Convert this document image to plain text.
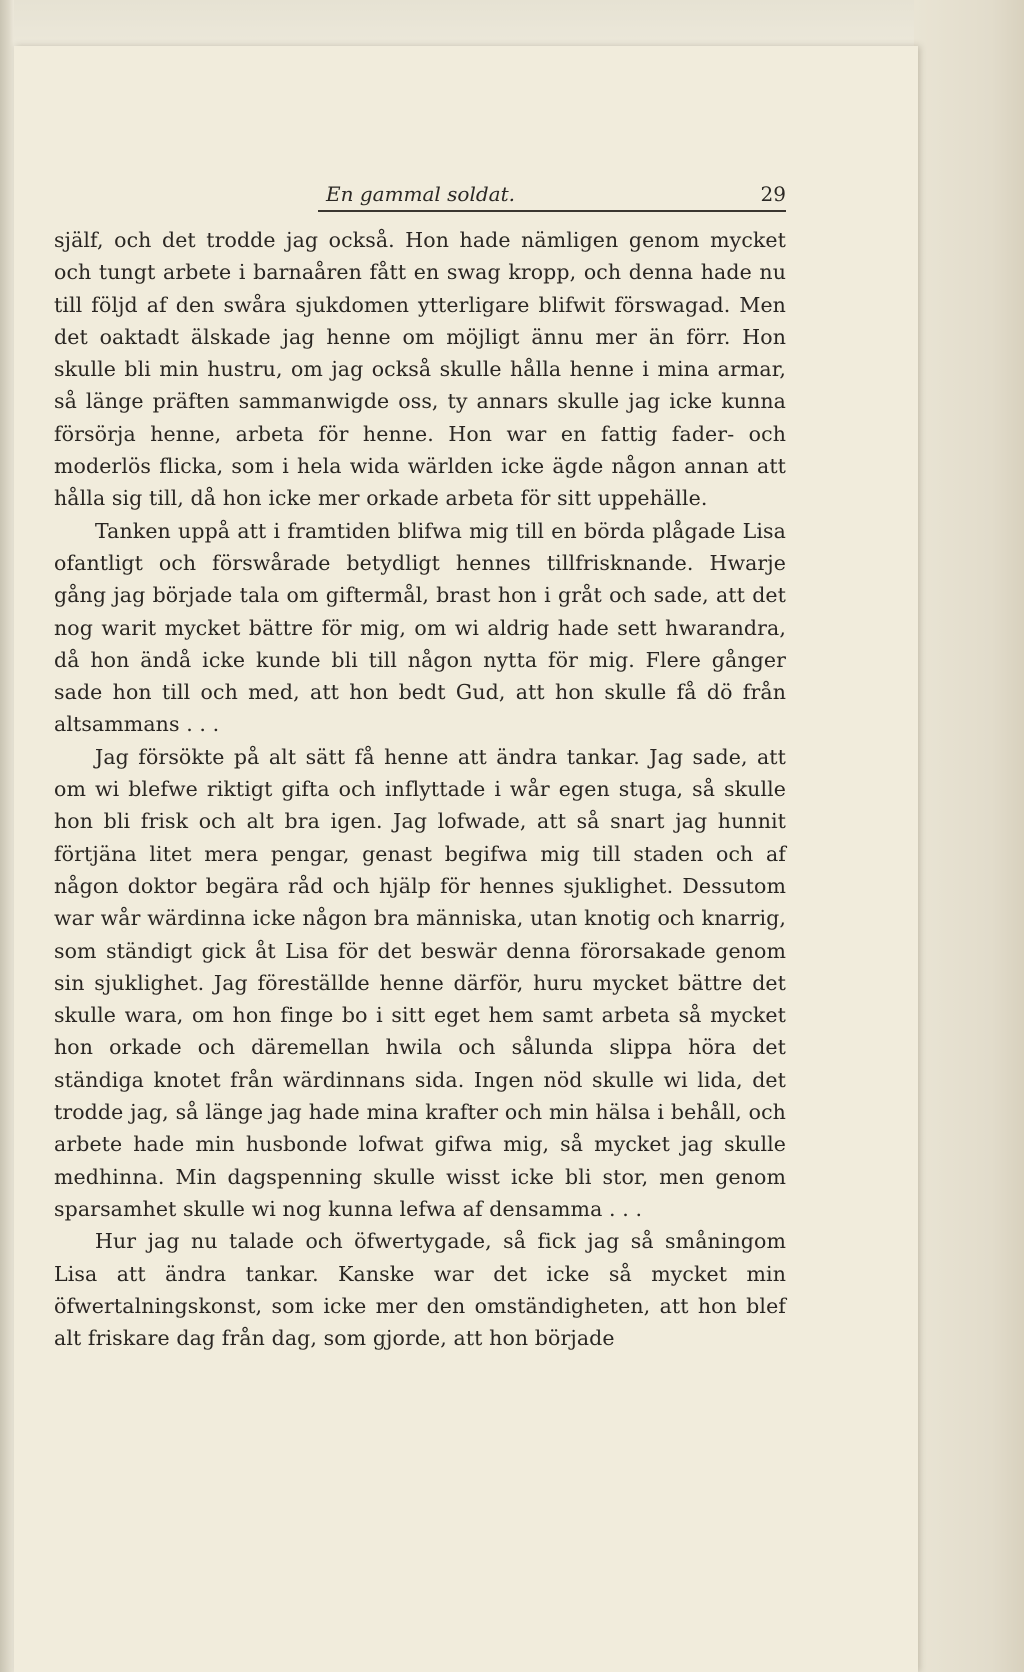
En gammal soldat.	29

själf, och det trodde jag också. Hon hade nämligen genom mycket och tungt arbete i barnaåren fått en swag kropp, och denna hade nu till följd af den swåra sjukdomen ytterligare blifwit förswagad. Men det oaktadt älskade jag henne om möjligt ännu mer än förr. Hon skulle bli min hustru, om jag också skulle hålla henne i mina armar, så länge präften sammanwigde oss, ty annars skulle jag icke kunna försörja henne, arbeta för henne. Hon war en fattig fader- och moderlös flicka, som i hela wida wärlden icke ägde någon annan att hålla sig till, då hon icke mer orkade arbeta för sitt uppehälle.

Tanken uppå att i framtiden blifwa mig till en börda plågade Lisa ofantligt och förswårade betydligt hennes tillfrisknande. Hwarje gång jag började tala om giftermål, brast hon i gråt och sade, att det nog warit mycket bättre för mig, om wi aldrig hade sett hwarandra, då hon ändå icke kunde bli till någon nytta för mig. Flere gånger sade hon till och med, att hon bedt Gud, att hon skulle få dö från altsammans . . .

Jag försökte på alt sätt få henne att ändra tankar. Jag sade, att om wi blefwe riktigt gifta och inflyttade i wår egen stuga, så skulle hon bli frisk och alt bra igen. Jag lofwade, att så snart jag hunnit förtjäna litet mera pengar, genast begifwa mig till staden och af någon doktor begära råd och hjälp för hennes sjuklighet. Dessutom war wår wärdinna icke någon bra människa, utan knotig och knarrig, som ständigt gick åt Lisa för det beswär denna förorsakade genom sin sjuklighet. Jag föreställde henne därför, huru mycket bättre det skulle wara, om hon finge bo i sitt eget hem samt arbeta så mycket hon orkade och däremellan hwila och sålunda slippa höra det ständiga knotet från wärdinnans sida. Ingen nöd skulle wi lida, det trodde jag, så länge jag hade mina krafter och min hälsa i behåll, och arbete hade min husbonde lofwat gifwa mig, så mycket jag skulle medhinna. Min dagspenning skulle wisst icke bli stor, men genom sparsamhet skulle wi nog kunna lefwa af densamma . . .

Hur jag nu talade och öfwertygade, så fick jag så småningom Lisa att ändra tankar. Kanske war det icke så mycket min öfwertalningskonst, som icke mer den omständigheten, att hon blef alt friskare dag från dag, som gjorde, att hon började
